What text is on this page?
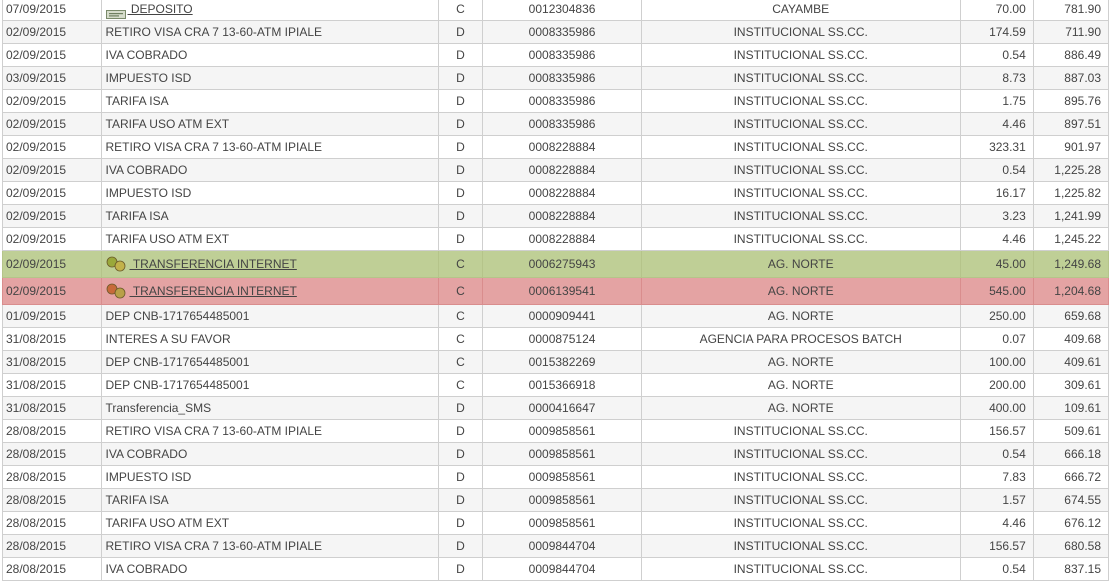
07/09/2015	DEPOSITO	C	0012304836	CAYAMBE	70.00	781.90
02/09/2015	RETIRO VISA CRA 7 13-60-ATM IPIALE	D	0008335986	INSTITUCIONAL SS.CC.	174.59	711.90
02/09/2015	IVA COBRADO	D	0008335986	INSTITUCIONAL SS.CC.	0.54	886.49
03/09/2015	IMPUESTO ISD	D	0008335986	INSTITUCIONAL SS.CC.	8.73	887.03
02/09/2015	TARIFA ISA	D	0008335986	INSTITUCIONAL SS.CC.	1.75	895.76
02/09/2015	TARIFA USO ATM EXT	D	0008335986	INSTITUCIONAL SS.CC.	4.46	897.51
02/09/2015	RETIRO VISA CRA 7 13-60-ATM IPIALE	D	0008228884	INSTITUCIONAL SS.CC.	323.31	901.97
02/09/2015	IVA COBRADO	D	0008228884	INSTITUCIONAL SS.CC.	0.54	1,225.28
02/09/2015	IMPUESTO ISD	D	0008228884	INSTITUCIONAL SS.CC.	16.17	1,225.82
02/09/2015	TARIFA ISA	D	0008228884	INSTITUCIONAL SS.CC.	3.23	1,241.99
02/09/2015	TARIFA USO ATM EXT	D	0008228884	INSTITUCIONAL SS.CC.	4.46	1,245.22
02/09/2015	TRANSFERENCIA INTERNET	C	0006275943	AG. NORTE	45.00	1,249.68
02/09/2015	TRANSFERENCIA INTERNET	C	0006139541	AG. NORTE	545.00	1,204.68
01/09/2015	DEP CNB-1717654485001	C	0000909441	AG. NORTE	250.00	659.68
31/08/2015	INTERES A SU FAVOR	C	0000875124	AGENCIA PARA PROCESOS BATCH	0.07	409.68
31/08/2015	DEP CNB-1717654485001	C	0015382269	AG. NORTE	100.00	409.61
31/08/2015	DEP CNB-1717654485001	C	0015366918	AG. NORTE	200.00	309.61
31/08/2015	Transferencia_SMS	D	0000416647	AG. NORTE	400.00	109.61
28/08/2015	RETIRO VISA CRA 7 13-60-ATM IPIALE	D	0009858561	INSTITUCIONAL SS.CC.	156.57	509.61
28/08/2015	IVA COBRADO	D	0009858561	INSTITUCIONAL SS.CC.	0.54	666.18
28/08/2015	IMPUESTO ISD	D	0009858561	INSTITUCIONAL SS.CC.	7.83	666.72
28/08/2015	TARIFA ISA	D	0009858561	INSTITUCIONAL SS.CC.	1.57	674.55
28/08/2015	TARIFA USO ATM EXT	D	0009858561	INSTITUCIONAL SS.CC.	4.46	676.12
28/08/2015	RETIRO VISA CRA 7 13-60-ATM IPIALE	D	0009844704	INSTITUCIONAL SS.CC.	156.57	680.58
28/08/2015	IVA COBRADO	D	0009844704	INSTITUCIONAL SS.CC.	0.54	837.15
